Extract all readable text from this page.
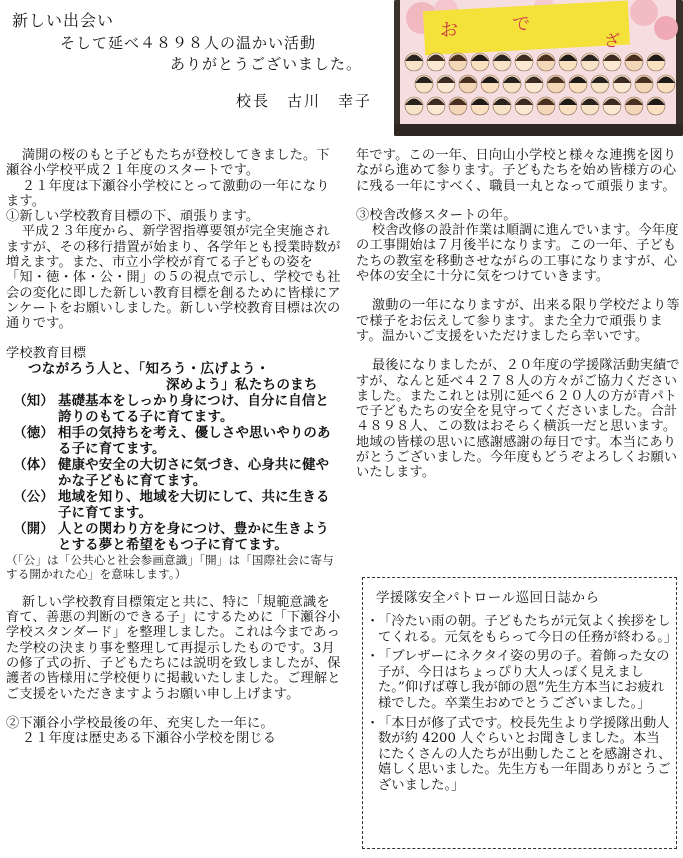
新しい出会い
そして延べ４８９８人の温かい活動
ありがとうございました。
校長　 古川　幸子
お	で
ざ

満開の桜のもと子どもたちが登校してきました。下瀬谷小学校平成２１年度のスタートです。

２１年度は下瀬谷小学校にとって激動の一年になります。

①新しい学校教育目標の下、頑張ります。

平成２３年度から、新学習指導要領が完全実施されますが、その移行措置が始まり、各学年とも授業時数が増えます。また、市立小学校が育てる子どもの姿を「知・徳・体・公・開」の５の視点で示し、学校でも社会の変化に即した新しい教育目標を創るために皆様にアンケートをお願いしました。新しい学校教育目標は次の通りです。

学校教育目標

つながろう人と、「知ろう・広げよう・
深めよう」私たちのまち
（知） 基礎基本をしっかり身につけ、自分に自信と誇りのもてる子に育てます。
（徳） 相手の気持ちを考え、優しさや思いやりのある子に育てます。
（体） 健康や安全の大切さに気づき、心身共に健やかな子どもに育てます。
（公） 地域を知り、地域を大切にして、共に生きる子に育てます。
（開） 人との関わり方を身につけ、豊かに生きようとする夢と希望をもつ子に育てます。

（「公」は「公共心と社会参画意識」「開」は「国際社会に寄与する開かれた心」を意味します。）

新しい学校教育目標策定と共に、特に「規範意識を育て、善悪の判断のできる子」にするために「下瀬谷小学校スタンダード」を整理しました。これは今まであった学校の決まり事を整理して再提示したものです。3月の修了式の折、子どもたちには説明を致しましたが、保護者の皆様用に学校便りに掲載いたしました。ご理解とご支援をいただきますようお願い申し上げます。

②下瀬谷小学校最後の年、充実した一年に。

２１年度は歴史ある下瀬谷小学校を閉じる

年です。この一年、日向山小学校と様々な連携を図りながら進めて参ります。子どもたちを始め皆様方の心に残る一年にすべく、職員一丸となって頑張ります。

③校舎改修スタートの年。

校舎改修の設計作業は順調に進んでいます。今年度の工事開始は７月後半になります。この一年、子どもたちの教室を移動させながらの工事になりますが、心や体の安全に十分に気をつけていきます。

激動の一年になりますが、出来る限り学校だより等で様子をお伝えして参ります。また全力で頑張ります。温かいご支援をいただけましたら幸いです。

最後になりましたが、２０年度の学援隊活動実績ですが、なんと延べ４２７８人の方々がご協力くださいました。またこれとは別に延べ６２０人の方が青パトで子どもたちの安全を見守ってくださいました。合計４８９８人、この数はおそらく横浜一だと思います。地域の皆様の思いに感謝感謝の毎日です。本当にありがとうございました。今年度もどうぞよろしくお願いいたします。

学援隊安全パトロール巡回日誌から
・
「冷たい雨の朝。子どもたちが元気よく挨拶をしてくれる。元気をもらって今日の任務が終わる。」
・
「ブレザーにネクタイ姿の男の子。着飾った女の子が、今日はちょっぴり大人っぽく見えました。”仰げば尊し我が師の恩”先生方本当にお疲れ様でした。卒業生おめでとうございました。」
・
「本日が修了式です。校長先生より学援隊出動人数が約 4200 人ぐらいとお聞きしました。本当にたくさんの人たちが出動したことを感謝され、嬉しく思いました。先生方も一年間ありがとうございました。」
